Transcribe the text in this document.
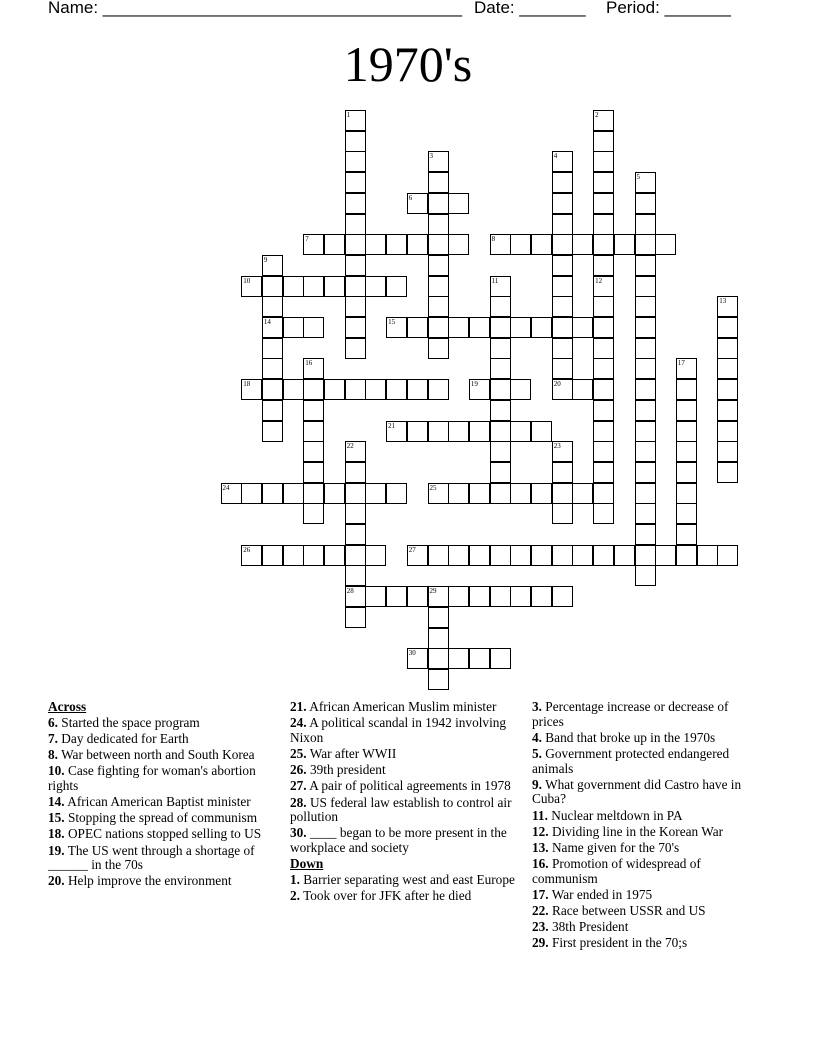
Name: ______________________________________ Date: _______ Period: _______
1970's
6
7	8
10
14	15
18	19	20
21
24	25
26	27
28	29
30
1	2
12
3	4
5
9
11
13
16	17
22	23
Across
6. Started the space program
7. Day dedicated for Earth
8. War between north and South Korea
10. Case fighting for woman's abortion rights
14. African American Baptist minister
15. Stopping the spread of communism
18. OPEC nations stopped selling to US
19. The US went through a shortage of ______ in the 70s
20. Help improve the environment
21. African American Muslim minister
24. A political scandal in 1942 involving Nixon
25. War after WWII
26. 39th president
27. A pair of political agreements in 1978
28. US federal law establish to control air pollution
30. ____ began to be more present in the workplace and society
Down
1. Barrier separating west and east Europe
2. Took over for JFK after he died
3. Percentage increase or decrease of prices
4. Band that broke up in the 1970s
5. Government protected endangered animals
9. What government did Castro have in Cuba?
11. Nuclear meltdown in PA
12. Dividing line in the Korean War
13. Name given for the 70's
16. Promotion of widespread of communism
17. War ended in 1975
22. Race between USSR and US
23. 38th President
29. First president in the 70;s
